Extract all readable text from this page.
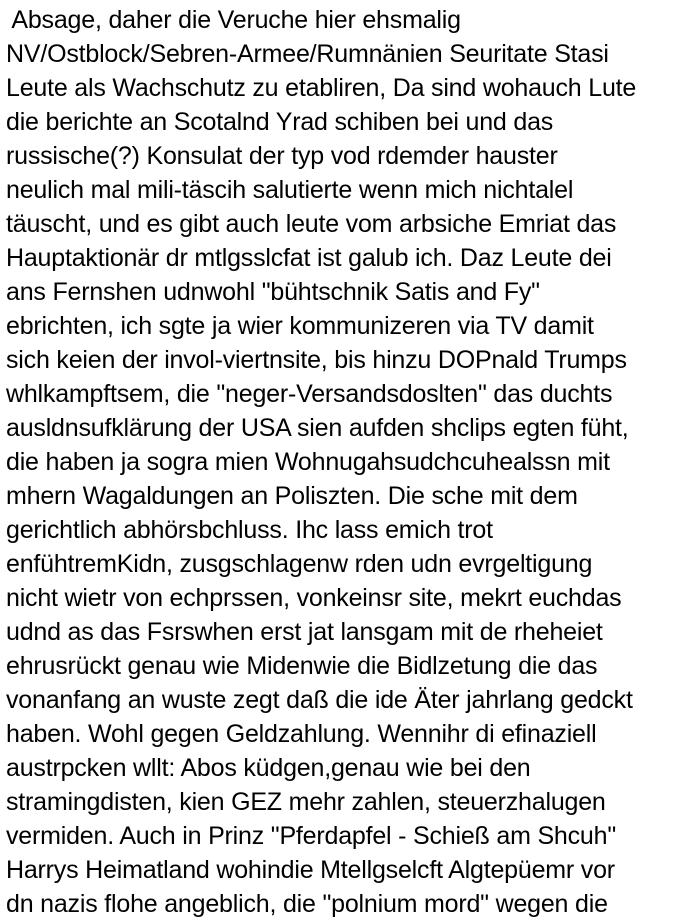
Absage, daher die Veruche hier ehsmalig
NV/Ostblock/Sebren-Armee/Rumnänien Seuritate Stasi
Leute als Wachschutz zu etabliren, Da sind wohauch Lute
die berichte an Scotalnd Yrad schiben bei und das
russische(?) Konsulat der typ vod rdemder hauster
neulich mal mili-täscih salutierte wenn mich nichtalel
täuscht, und es gibt auch leute vom arbsiche Emriat das
Hauptaktionär dr mtlgsslcfat ist galub ich. Daz Leute dei
ans Fernshen udnwohl "bühtschnik Satis and Fy"
ebrichten, ich sgte ja wier kommunizeren via TV damit
sich keien der invol-viertnsite, bis hinzu DOPnald Trumps
whlkampftsem, die "neger-Versandsdoslten" das duchts
ausldnsufklärung der USA sien aufden shclips egten füht,
die haben ja sogra mien Wohnugahsudchcuhealssn mit
mhern Wagaldungen an Poliszten. Die sche mit dem
gerichtlich abhörsbchluss. Ihc lass emich trot
enfühtremKidn, zusgschlagenw rden udn evrgeltigung
nicht wietr von echprssen, vonkeinsr site, mekrt euchdas
udnd as das Fsrswhen erst jat lansgam mit de rheheiet
ehrusrückt genau wie Midenwie die Bidlzetung die das
vonanfang an wuste zegt daß die ide Äter jahrlang gedckt
haben. Wohl gegen Geldzahlung. Wennihr di efinaziell
austrpcken wllt: Abos küdgen,genau wie bei den
stramingdisten, kien GEZ mehr zahlen, steuerzhalugen
vermiden. Auch in Prinz "Pferdapfel - Schieß am Shcuh"
Harrys Heimatland wohindie Mtellgselcft Algtepüemr vor
dn nazis flohe angeblich, die "polnium mord" wegen die
